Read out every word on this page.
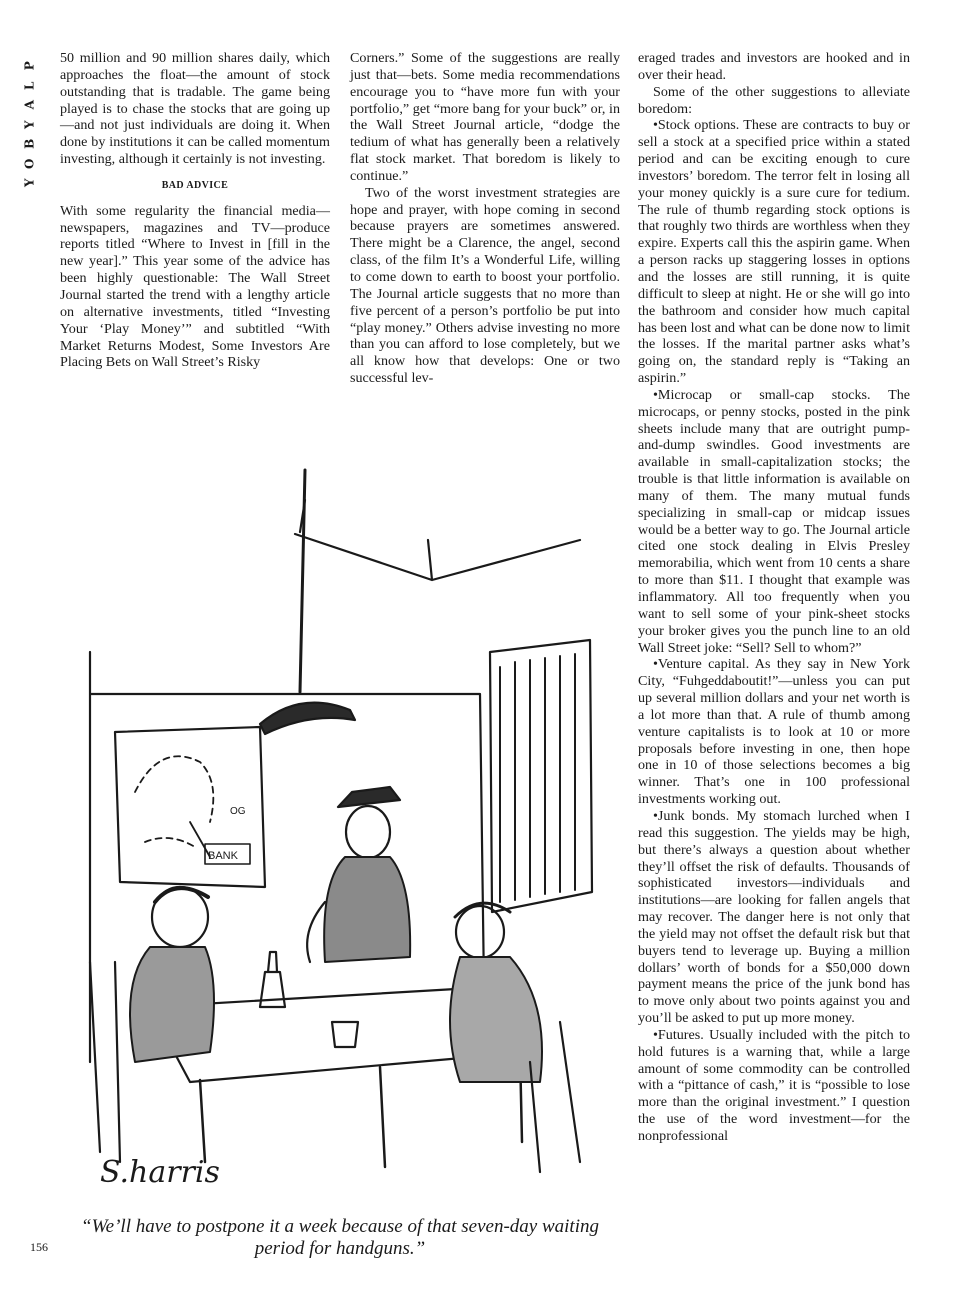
P
L
A
Y
B
O
Y

50 million and 90 million shares daily, which approaches the float—the amount of stock outstanding that is tradable. The game being played is to chase the stocks that are going up—and not just individuals are doing it. When done by institutions it can be called momentum investing, although it certainly is not investing.

BAD ADVICE

With some regularity the financial media—newspapers, magazines and TV—produce reports titled “Where to Invest in [fill in the new year].” This year some of the advice has been highly questionable: The Wall Street Journal started the trend with a lengthy article on alternative investments, titled “Investing Your ‘Play Money’” and subtitled “With Market Returns Modest, Some Investors Are Placing Bets on Wall Street’s Risky

Corners.” Some of the suggestions are really just that—bets. Some media recommendations encourage you to “have more fun with your portfolio,” get “more bang for your buck” or, in the Wall Street Journal article, “dodge the tedium of what has generally been a relatively flat stock market. That boredom is likely to continue.”

Two of the worst investment strategies are hope and prayer, with hope coming in second because prayers are sometimes answered. There might be a Clarence, the angel, second class, of the film It’s a Wonderful Life, willing to come down to earth to boost your portfolio. The Journal article suggests that no more than five percent of a person’s portfolio be put into “play money.” Others advise investing no more than you can afford to lose completely, but we all know how that develops: One or two successful lev-

eraged trades and investors are hooked and in over their head.

Some of the other suggestions to alleviate boredom:

•Stock options. These are contracts to buy or sell a stock at a specified price within a stated period and can be exciting enough to cure investors’ boredom. The terror felt in losing all your money quickly is a sure cure for tedium. The rule of thumb regarding stock options is that roughly two thirds are worthless when they expire. Experts call this the aspirin game. When a person racks up staggering losses in options and the losses are still running, it is quite difficult to sleep at night. He or she will go into the bathroom and consider how much capital has been lost and what can be done now to limit the losses. If the marital partner asks what’s going on, the standard reply is “Taking an aspirin.”

•Microcap or small-cap stocks. The microcaps, or penny stocks, posted in the pink sheets include many that are outright pump-and-dump swindles. Good investments are available in small-capitalization stocks; the trouble is that little information is available on many of them. The many mutual funds specializing in small-cap or midcap issues would be a better way to go. The Journal article cited one stock dealing in Elvis Presley memorabilia, which went from 10 cents a share to more than $11. I thought that example was inflammatory. All too frequently when you want to sell some of your pink-sheet stocks your broker gives you the punch line to an old Wall Street joke: “Sell? Sell to whom?”

•Venture capital. As they say in New York City, “Fuhgeddaboutit!”—unless you can put up several million dollars and your net worth is a lot more than that. A rule of thumb among venture capitalists is to look at 10 or more proposals before investing in one, then hope one in 10 of those selections becomes a big winner. That’s one in 100 professional investments working out.

•Junk bonds. My stomach lurched when I read this suggestion. The yields may be high, but there’s always a question about whether they’ll offset the risk of defaults. Thousands of sophisticated investors—individuals and institutions—are looking for fallen angels that may recover. The danger here is not only that the yield may not offset the default risk but that buyers tend to leverage up. Buying a million dollars’ worth of bonds for a $50,000 down payment means the price of the junk bond has to move only about two points against you and you’ll be asked to put up more money.

•Futures. Usually included with the pitch to hold futures is a warning that, while a large amount of some commodity can be controlled with a “pittance of cash,” it is “possible to lose more than the original investment.” I question the use of the word investment—for the nonprofessional

BANK
OG
S.harris
“We’ll have to postpone it a week because of that seven-day waiting period for handguns.”
156
